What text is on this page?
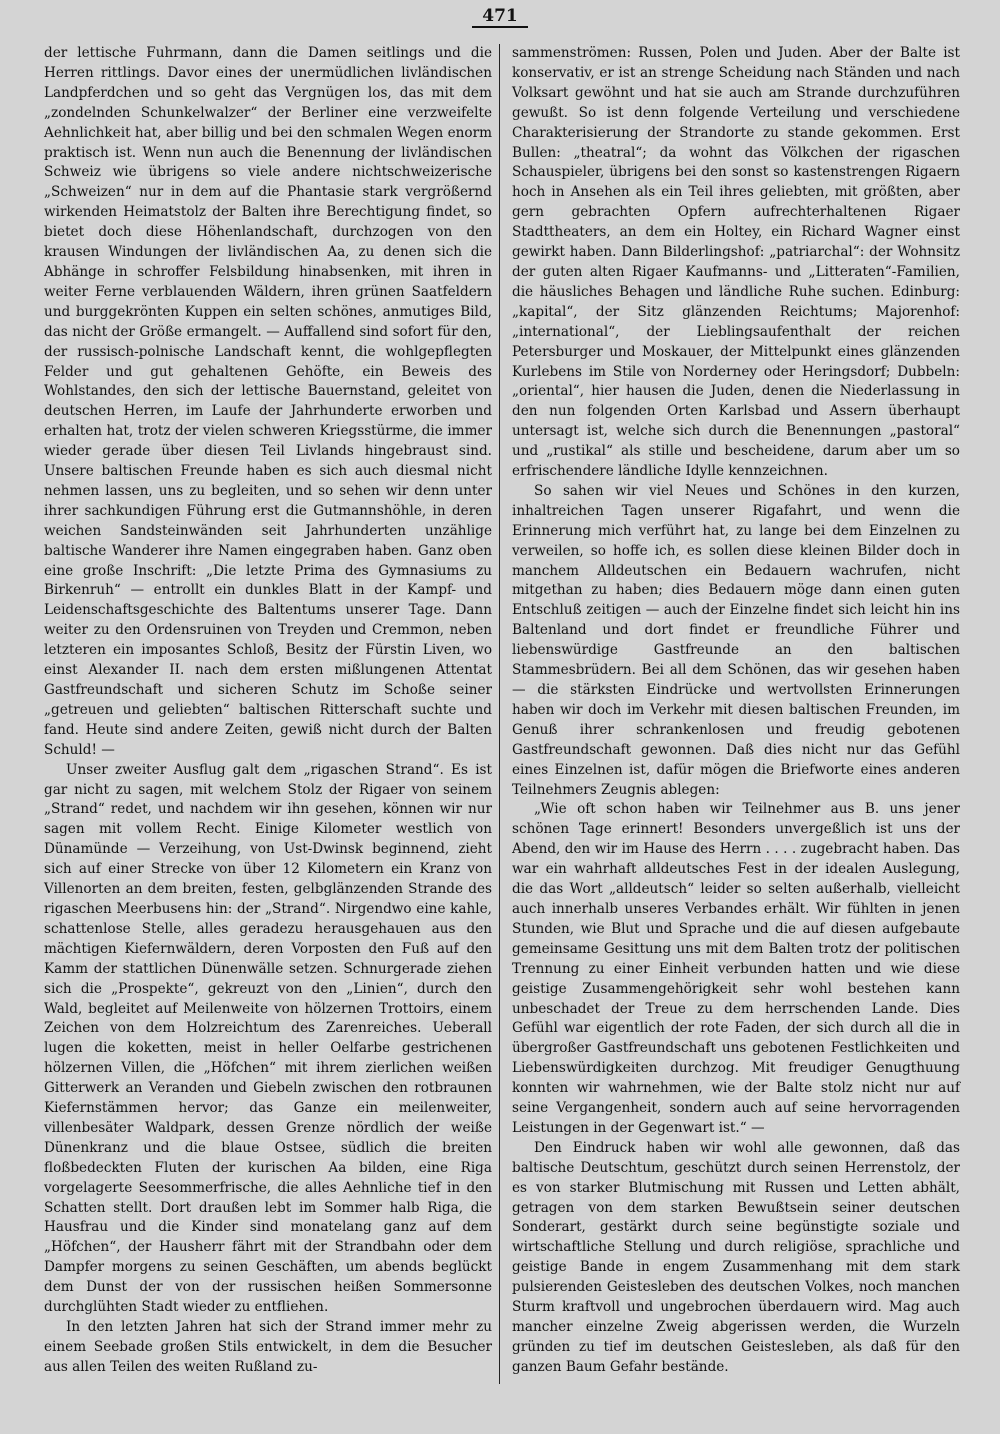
471

der lettische Fuhrmann, dann die Damen seitlings und die Herren rittlings. Davor eines der unermüdlichen livländischen Landpferdchen und so geht das Vergnügen los, das mit dem „zondelnden Schunkelwalzer“ der Berliner eine verzweifelte Aehnlichkeit hat, aber billig und bei den schmalen Wegen enorm praktisch ist. Wenn nun auch die Benennung der livländischen Schweiz wie übrigens so viele andere nichtschweizerische „Schweizen“ nur in dem auf die Phantasie stark vergrößernd wirkenden Heimatstolz der Balten ihre Berechtigung findet, so bietet doch diese Höhenlandschaft, durchzogen von den krausen Windungen der livländischen Aa, zu denen sich die Abhänge in schroffer Felsbildung hinabsenken, mit ihren in weiter Ferne verblauenden Wäldern, ihren grünen Saatfeldern und burggekrönten Kuppen ein selten schönes, anmutiges Bild, das nicht der Größe ermangelt. — Auffallend sind sofort für den, der russisch-polnische Landschaft kennt, die wohlgepflegten Felder und gut gehaltenen Gehöfte, ein Beweis des Wohlstandes, den sich der lettische Bauernstand, geleitet von deutschen Herren, im Laufe der Jahrhunderte erworben und erhalten hat, trotz der vielen schweren Kriegsstürme, die immer wieder gerade über diesen Teil Livlands hingebraust sind. Unsere baltischen Freunde haben es sich auch diesmal nicht nehmen lassen, uns zu begleiten, und so sehen wir denn unter ihrer sachkundigen Führung erst die Gutmannshöhle, in deren weichen Sandsteinwänden seit Jahrhunderten unzählige baltische Wanderer ihre Namen eingegraben haben. Ganz oben eine große Inschrift: „Die letzte Prima des Gymnasiums zu Birkenruh“ — entrollt ein dunkles Blatt in der Kampf- und Leidenschaftsgeschichte des Baltentums unserer Tage. Dann weiter zu den Ordensruinen von Treyden und Cremmon, neben letzteren ein imposantes Schloß, Besitz der Fürstin Liven, wo einst Alexander II. nach dem ersten mißlungenen Attentat Gastfreundschaft und sicheren Schutz im Schoße seiner „getreuen und geliebten“ baltischen Ritterschaft suchte und fand. Heute sind andere Zeiten, gewiß nicht durch der Balten Schuld! —

Unser zweiter Ausflug galt dem „rigaschen Strand“. Es ist gar nicht zu sagen, mit welchem Stolz der Rigaer von seinem „Strand“ redet, und nachdem wir ihn gesehen, können wir nur sagen mit vollem Recht. Einige Kilometer westlich von Dünamünde — Verzeihung, von Ust-Dwinsk beginnend, zieht sich auf einer Strecke von über 12 Kilometern ein Kranz von Villenorten an dem breiten, festen, gelbglänzenden Strande des rigaschen Meerbusens hin: der „Strand“. Nirgendwo eine kahle, schattenlose Stelle, alles geradezu herausgehauen aus den mächtigen Kiefernwäldern, deren Vorposten den Fuß auf den Kamm der stattlichen Dünenwälle setzen. Schnurgerade ziehen sich die „Prospekte“, gekreuzt von den „Linien“, durch den Wald, begleitet auf Meilenweite von hölzernen Trottoirs, einem Zeichen von dem Holzreichtum des Zarenreiches. Ueberall lugen die koketten, meist in heller Oelfarbe gestrichenen hölzernen Villen, die „Höfchen“ mit ihrem zierlichen weißen Gitterwerk an Veranden und Giebeln zwischen den rotbraunen Kiefernstämmen hervor; das Ganze ein meilenweiter, villenbesäter Waldpark, dessen Grenze nördlich der weiße Dünenkranz und die blaue Ostsee, südlich die breiten floßbedeckten Fluten der kurischen Aa bilden, eine Riga vorgelagerte Seesommerfrische, die alles Aehnliche tief in den Schatten stellt. Dort draußen lebt im Sommer halb Riga, die Hausfrau und die Kinder sind monatelang ganz auf dem „Höfchen“, der Hausherr fährt mit der Strandbahn oder dem Dampfer morgens zu seinen Geschäften, um abends beglückt dem Dunst der von der russischen heißen Sommersonne durchglühten Stadt wieder zu entfliehen.

In den letzten Jahren hat sich der Strand immer mehr zu einem Seebade großen Stils entwickelt, in dem die Besucher aus allen Teilen des weiten Rußland zu-

sammenströmen: Russen, Polen und Juden. Aber der Balte ist konservativ, er ist an strenge Scheidung nach Ständen und nach Volksart gewöhnt und hat sie auch am Strande durchzuführen gewußt. So ist denn folgende Verteilung und verschiedene Charakterisierung der Strandorte zu stande gekommen. Erst Bullen: „theatral“; da wohnt das Völkchen der rigaschen Schauspieler, übrigens bei den sonst so kastenstrengen Rigaern hoch in Ansehen als ein Teil ihres geliebten, mit größten, aber gern gebrachten Opfern aufrechterhaltenen Rigaer Stadttheaters, an dem ein Holtey, ein Richard Wagner einst gewirkt haben. Dann Bilderlingshof: „patriarchal“: der Wohnsitz der guten alten Rigaer Kaufmanns- und „Litteraten“-Familien, die häusliches Behagen und ländliche Ruhe suchen. Edinburg: „kapital“, der Sitz glänzenden Reichtums; Majorenhof: „international“, der Lieblingsaufenthalt der reichen Petersburger und Moskauer, der Mittelpunkt eines glänzenden Kurlebens im Stile von Norderney oder Heringsdorf; Dubbeln: „oriental“, hier hausen die Juden, denen die Niederlassung in den nun folgenden Orten Karlsbad und Assern überhaupt untersagt ist, welche sich durch die Benennungen „pastoral“ und „rustikal“ als stille und bescheidene, darum aber um so erfrischendere ländliche Idylle kennzeichnen.

So sahen wir viel Neues und Schönes in den kurzen, inhaltreichen Tagen unserer Rigafahrt, und wenn die Erinnerung mich verführt hat, zu lange bei dem Einzelnen zu verweilen, so hoffe ich, es sollen diese kleinen Bilder doch in manchem Alldeutschen ein Bedauern wachrufen, nicht mitgethan zu haben; dies Bedauern möge dann einen guten Entschluß zeitigen — auch der Einzelne findet sich leicht hin ins Baltenland und dort findet er freundliche Führer und liebenswürdige Gastfreunde an den baltischen Stammesbrüdern. Bei all dem Schönen, das wir gesehen haben — die stärksten Eindrücke und wertvollsten Erinnerungen haben wir doch im Verkehr mit diesen baltischen Freunden, im Genuß ihrer schrankenlosen und freudig gebotenen Gastfreundschaft gewonnen. Daß dies nicht nur das Gefühl eines Einzelnen ist, dafür mögen die Briefworte eines anderen Teilnehmers Zeugnis ablegen:

„Wie oft schon haben wir Teilnehmer aus B. uns jener schönen Tage erinnert! Besonders unvergeßlich ist uns der Abend, den wir im Hause des Herrn . . . . zugebracht haben. Das war ein wahrhaft alldeutsches Fest in der idealen Auslegung, die das Wort „alldeutsch“ leider so selten außerhalb, vielleicht auch innerhalb unseres Verbandes erhält. Wir fühlten in jenen Stunden, wie Blut und Sprache und die auf diesen aufgebaute gemeinsame Gesittung uns mit dem Balten trotz der politischen Trennung zu einer Einheit verbunden hatten und wie diese geistige Zusammengehörigkeit sehr wohl bestehen kann unbeschadet der Treue zu dem herrschenden Lande. Dies Gefühl war eigentlich der rote Faden, der sich durch all die in übergroßer Gastfreundschaft uns gebotenen Festlichkeiten und Liebenswürdigkeiten durchzog. Mit freudiger Genugthuung konnten wir wahrnehmen, wie der Balte stolz nicht nur auf seine Vergangenheit, sondern auch auf seine hervorragenden Leistungen in der Gegenwart ist.“ —

Den Eindruck haben wir wohl alle gewonnen, daß das baltische Deutschtum, geschützt durch seinen Herrenstolz, der es von starker Blutmischung mit Russen und Letten abhält, getragen von dem starken Bewußtsein seiner deutschen Sonderart, gestärkt durch seine begünstigte soziale und wirtschaftliche Stellung und durch religiöse, sprachliche und geistige Bande in engem Zusammenhang mit dem stark pulsierenden Geistesleben des deutschen Volkes, noch manchen Sturm kraftvoll und ungebrochen überdauern wird. Mag auch mancher einzelne Zweig abgerissen werden, die Wurzeln gründen zu tief im deutschen Geistesleben, als daß für den ganzen Baum Gefahr bestände.
